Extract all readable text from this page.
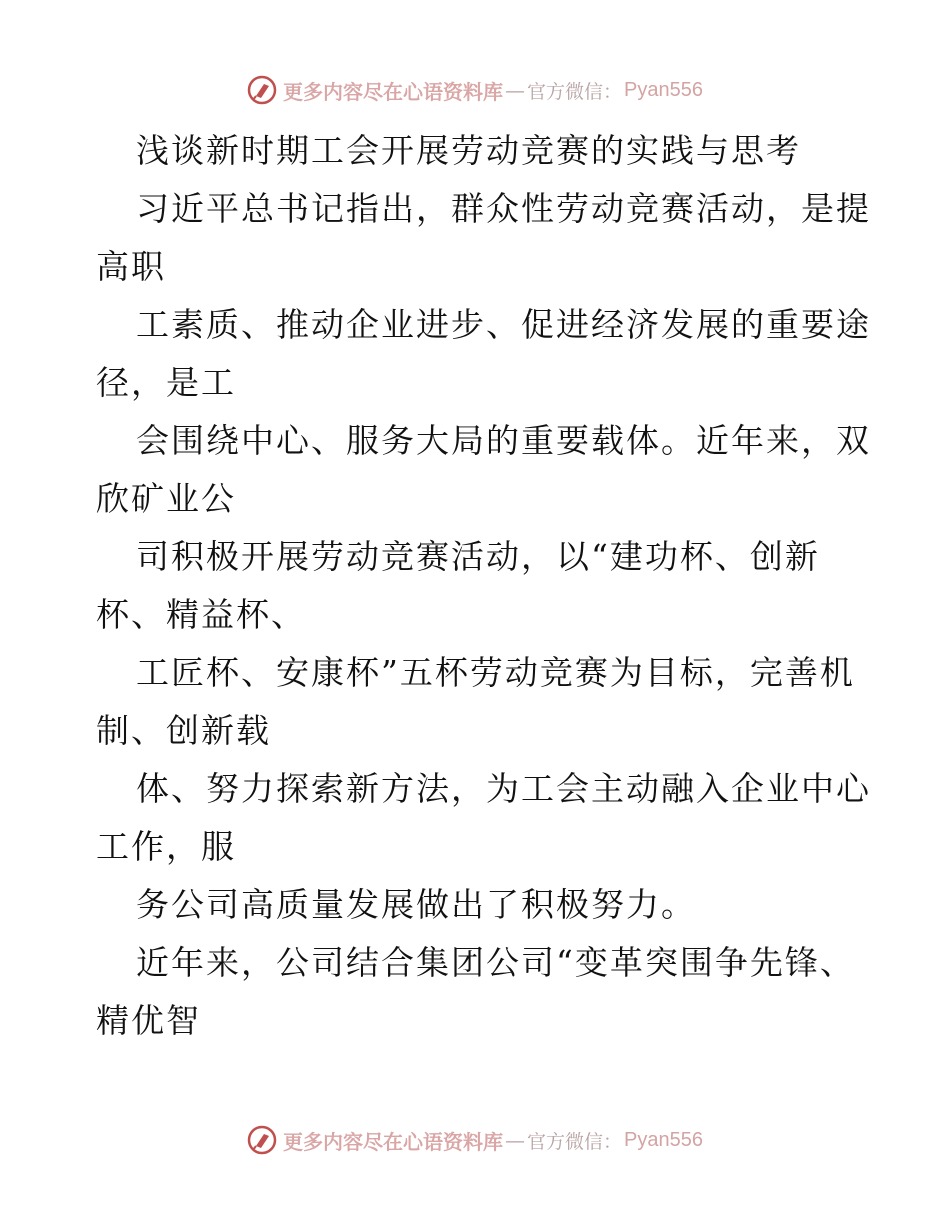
更多内容尽在心语资料库 — 官方微信： Pyan556
浅谈新时期工会开展劳动竞赛的实践与思考
习近平总书记指出，群众性劳动竞赛活动，是提
高职
工素质、推动企业进步、促进经济发展的重要途
径，是工
会围绕中心、服务大局的重要载体。近年来，双
欣矿业公
司积极开展劳动竞赛活动，以“建功杯、创新
杯、精益杯、
工匠杯、安康杯”五杯劳动竞赛为目标，完善机
制、创新载
体、努力探索新方法，为工会主动融入企业中心
工作，服
务公司高质量发展做出了积极努力。
近年来，公司结合集团公司“变革突围争先锋、
精优智
更多内容尽在心语资料库 — 官方微信： Pyan556
